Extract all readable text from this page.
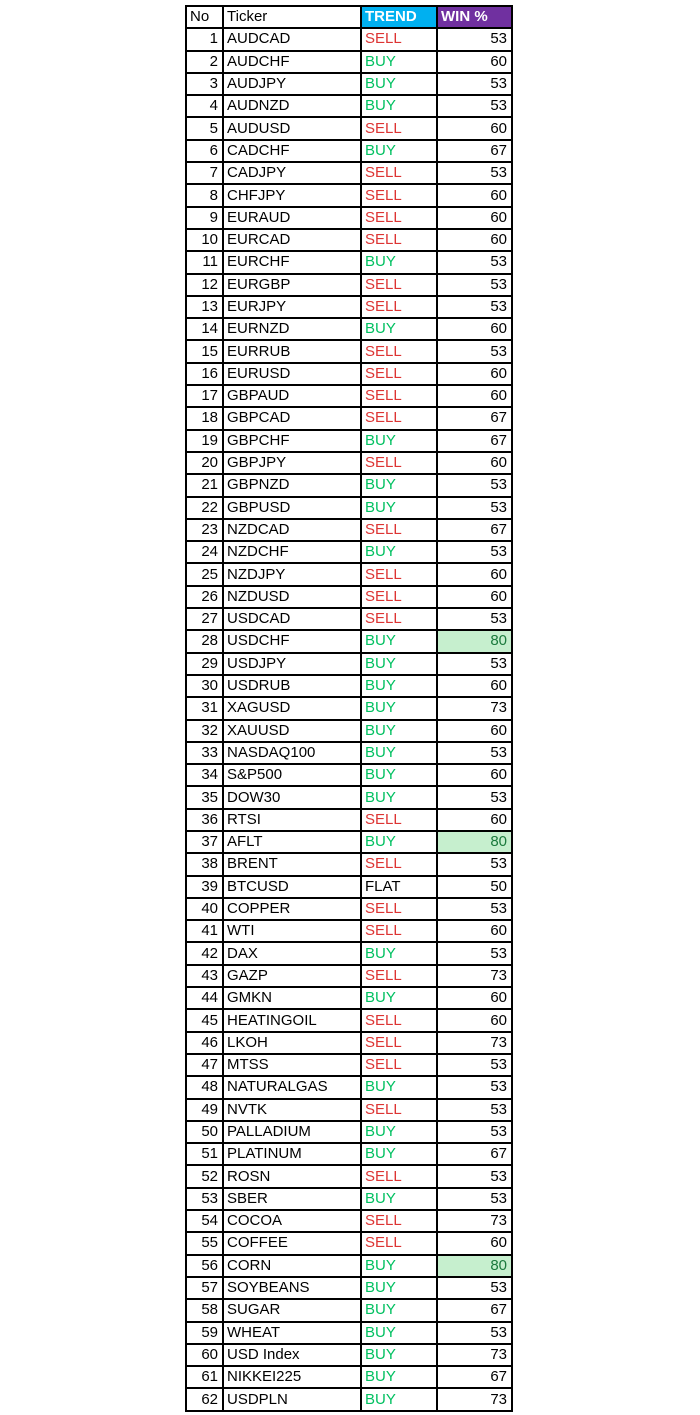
No	Ticker	TREND	WIN %
1	AUDCAD	SELL	53
2	AUDCHF	BUY	60
3	AUDJPY	BUY	53
4	AUDNZD	BUY	53
5	AUDUSD	SELL	60
6	CADCHF	BUY	67
7	CADJPY	SELL	53
8	CHFJPY	SELL	60
9	EURAUD	SELL	60
10	EURCAD	SELL	60
11	EURCHF	BUY	53
12	EURGBP	SELL	53
13	EURJPY	SELL	53
14	EURNZD	BUY	60
15	EURRUB	SELL	53
16	EURUSD	SELL	60
17	GBPAUD	SELL	60
18	GBPCAD	SELL	67
19	GBPCHF	BUY	67
20	GBPJPY	SELL	60
21	GBPNZD	BUY	53
22	GBPUSD	BUY	53
23	NZDCAD	SELL	67
24	NZDCHF	BUY	53
25	NZDJPY	SELL	60
26	NZDUSD	SELL	60
27	USDCAD	SELL	53
28	USDCHF	BUY	80
29	USDJPY	BUY	53
30	USDRUB	BUY	60
31	XAGUSD	BUY	73
32	XAUUSD	BUY	60
33	NASDAQ100	BUY	53
34	S&P500	BUY	60
35	DOW30	BUY	53
36	RTSI	SELL	60
37	AFLT	BUY	80
38	BRENT	SELL	53
39	BTCUSD	FLAT	50
40	COPPER	SELL	53
41	WTI	SELL	60
42	DAX	BUY	53
43	GAZP	SELL	73
44	GMKN	BUY	60
45	HEATINGOIL	SELL	60
46	LKOH	SELL	73
47	MTSS	SELL	53
48	NATURALGAS	BUY	53
49	NVTK	SELL	53
50	PALLADIUM	BUY	53
51	PLATINUM	BUY	67
52	ROSN	SELL	53
53	SBER	BUY	53
54	COCOA	SELL	73
55	COFFEE	SELL	60
56	CORN	BUY	80
57	SOYBEANS	BUY	53
58	SUGAR	BUY	67
59	WHEAT	BUY	53
60	USD Index	BUY	73
61	NIKKEI225	BUY	67
62	USDPLN	BUY	73
